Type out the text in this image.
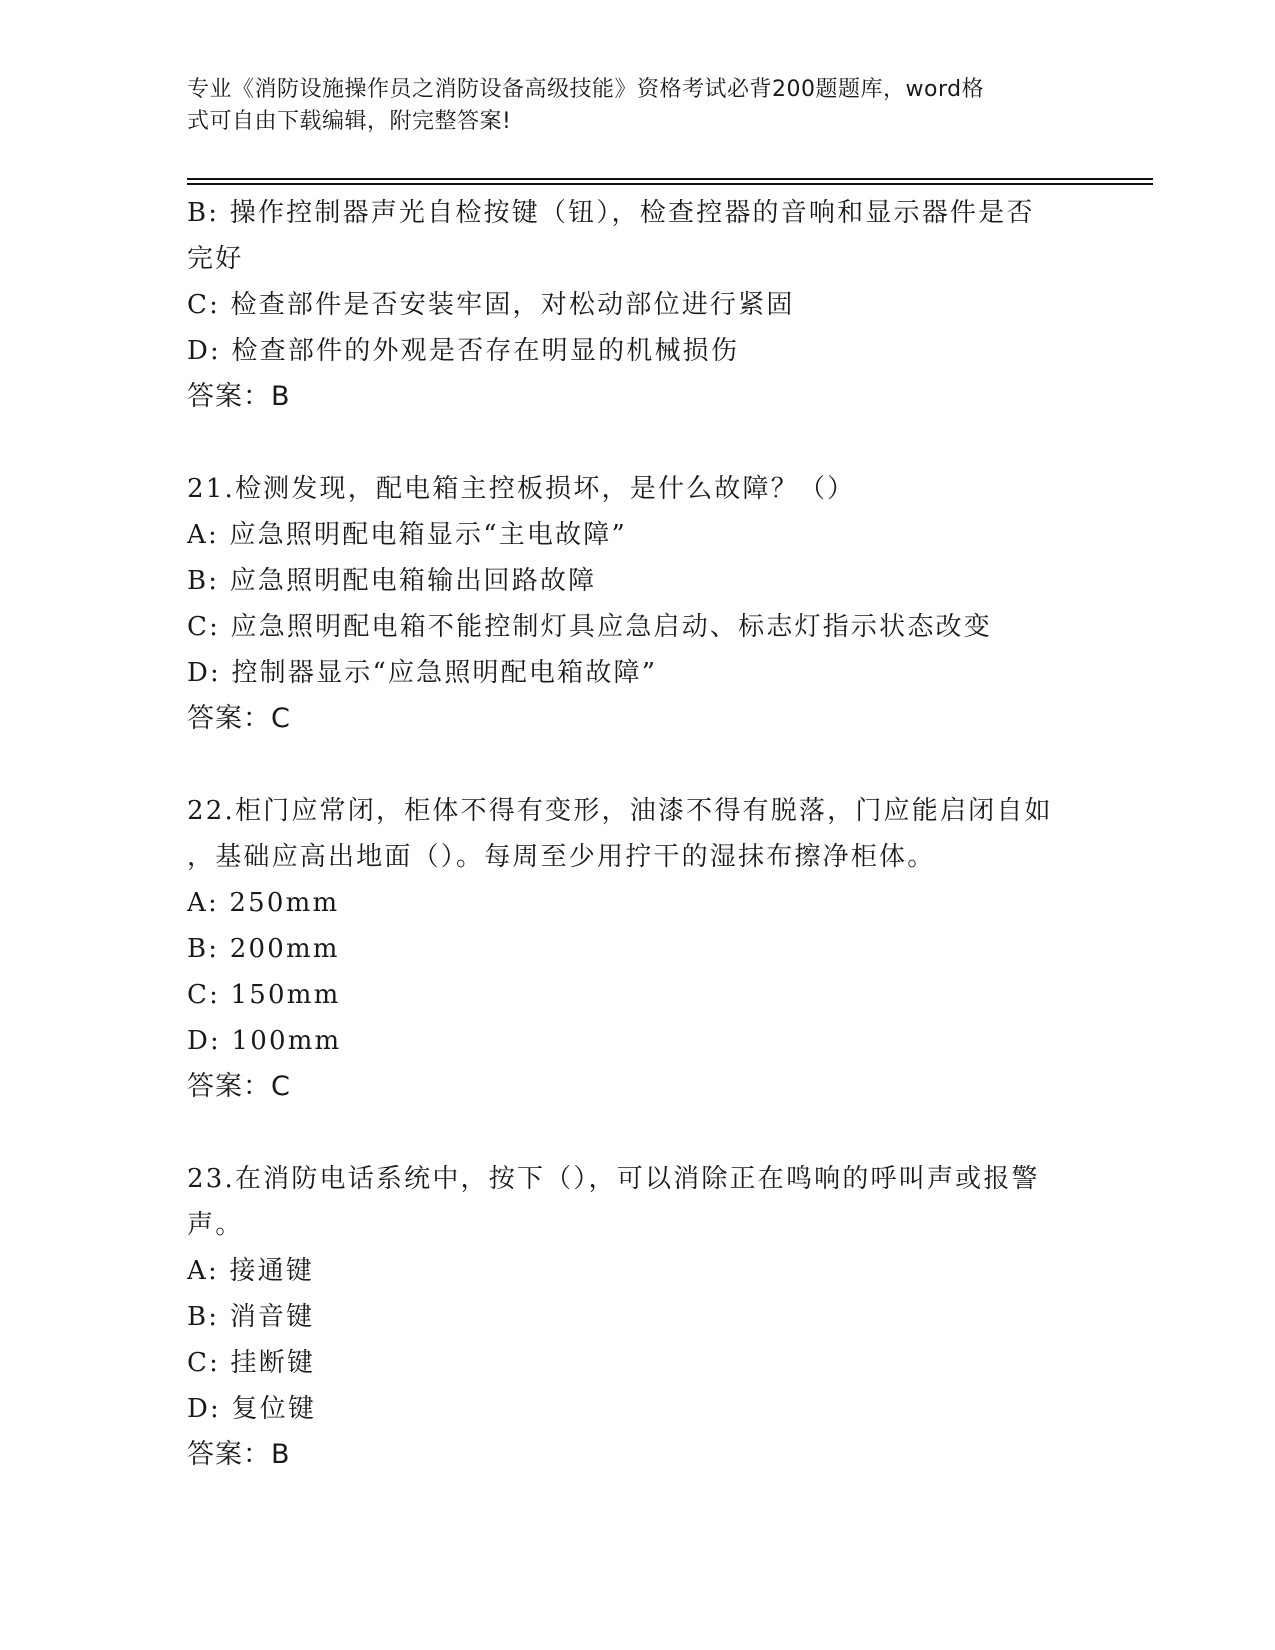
专业《消防设施操作员之消防设备高级技能》资格考试必背200题题库，word格
式可自由下载编辑，附完整答案!
B: 操作控制器声光自检按键（钮），检查控器的音响和显示器件是否
完好
C: 检查部件是否安装牢固，对松动部位进行紧固
D: 检查部件的外观是否存在明显的机械损伤
答案：B
21.检测发现，配电箱主控板损坏，是什么故障？（）
A: 应急照明配电箱显示“主电故障”
B: 应急照明配电箱输出回路故障
C: 应急照明配电箱不能控制灯具应急启动、标志灯指示状态改变
D: 控制器显示“应急照明配电箱故障”
答案：C
22.柜门应常闭，柜体不得有变形，油漆不得有脱落，门应能启闭自如
，基础应高出地面（）。每周至少用拧干的湿抹布擦净柜体。
A: 250mm
B: 200mm
C: 150mm
D: 100mm
答案：C
23.在消防电话系统中，按下（），可以消除正在鸣响的呼叫声或报警
声。
A: 接通键
B: 消音键
C: 挂断键
D: 复位键
答案：B
